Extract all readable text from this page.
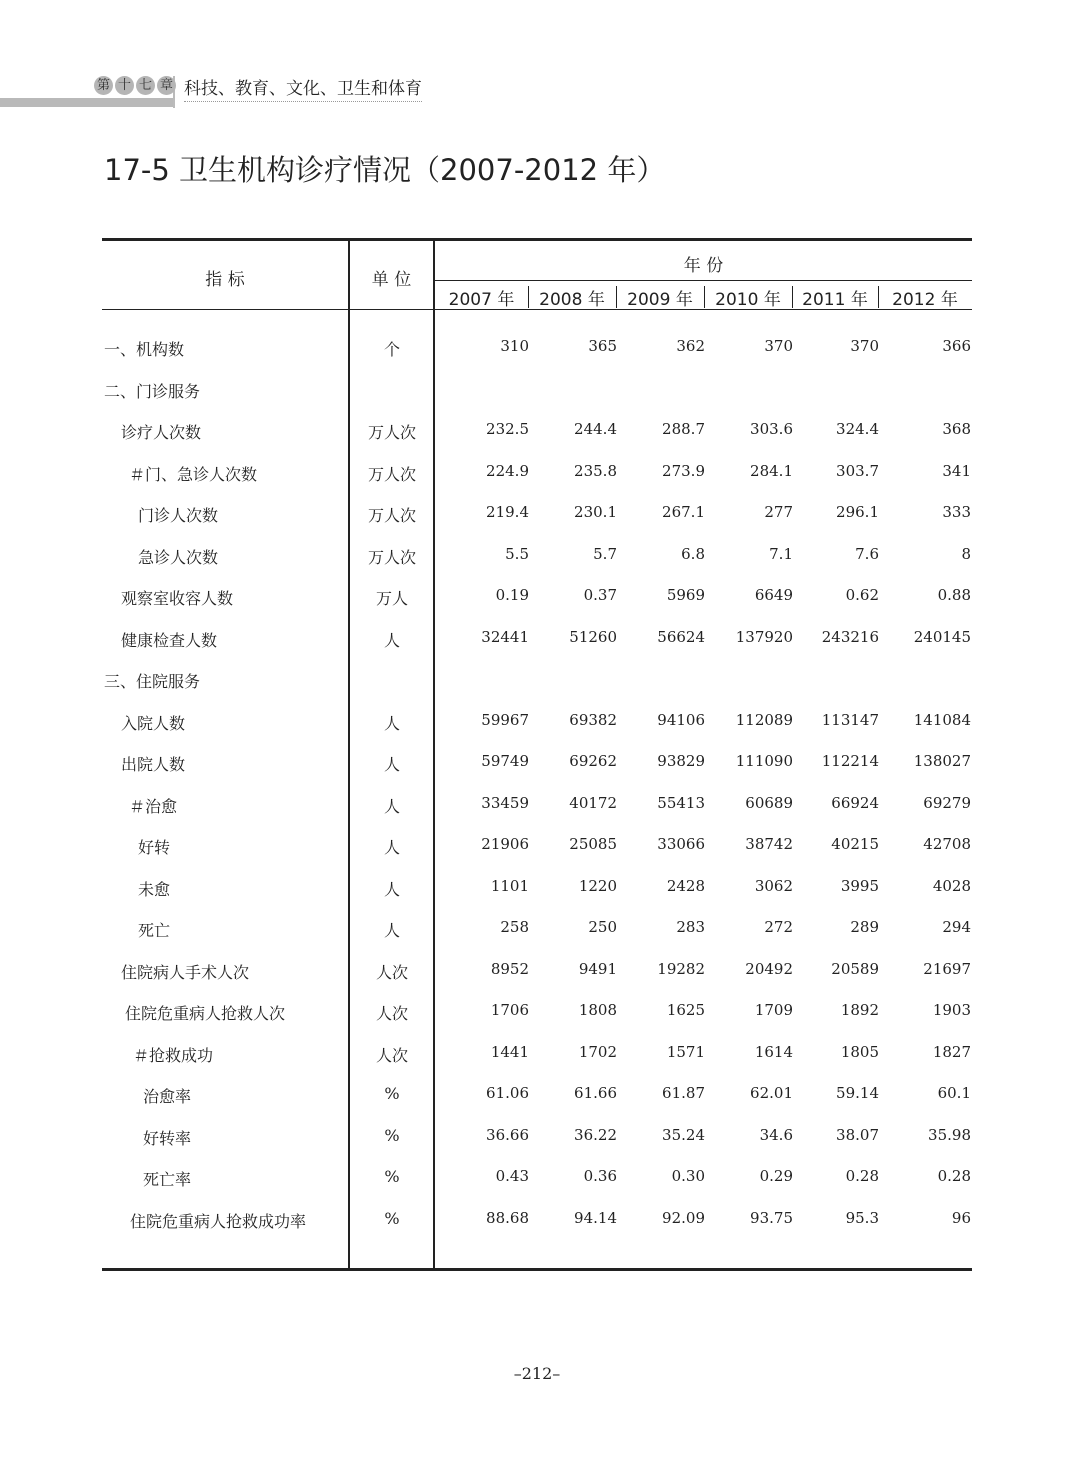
第 十 七 章 科技、教育、文化、卫生和体育
17-5 卫生机构诊疗情况（2007-2012 年）
指 标	单 位
年 份
2007 年	2008 年	2009 年	2010 年	2011 年	2012 年
一、机构数	个	310	365	362	370	370	366
二、门诊服务
诊疗人次数	万人次	232.5	244.4	288.7	303.6	324.4	368
＃门、急诊人次数	万人次	224.9	235.8	273.9	284.1	303.7	341
门诊人次数	万人次	219.4	230.1	267.1	277	296.1	333
急诊人次数	万人次	5.5	5.7	6.8	7.1	7.6	8
观察室收容人数	万人	0.19	0.37	5969	6649	0.62	0.88
健康检查人数	人	32441	51260	56624 137920 243216 240145
三、住院服务
入院人数	人	59967	69382	94106 112089 113147 141084
出院人数	人	59749	69262	93829 111090 112214 138027
＃治愈	人	33459	40172	55413	60689	66924	69279
好转	人	21906	25085	33066	38742	40215	42708
未愈	人	1101	1220	2428	3062	3995	4028
死亡	人	258	250	283	272	289	294
住院病人手术人次	人次	8952	9491	19282	20492	20589	21697
住院危重病人抢救人次	人次	1706	1808	1625	1709	1892	1903
＃抢救成功	人次	1441	1702	1571	1614	1805	1827
治愈率	%	61.06	61.66	61.87	62.01	59.14	60.1
好转率	%	36.66	36.22	35.24	34.6	38.07	35.98
死亡率	%	0.43	0.36	0.30	0.29	0.28	0.28
住院危重病人抢救成功率	%	88.68	94.14	92.09	93.75	95.3	96
–212–
